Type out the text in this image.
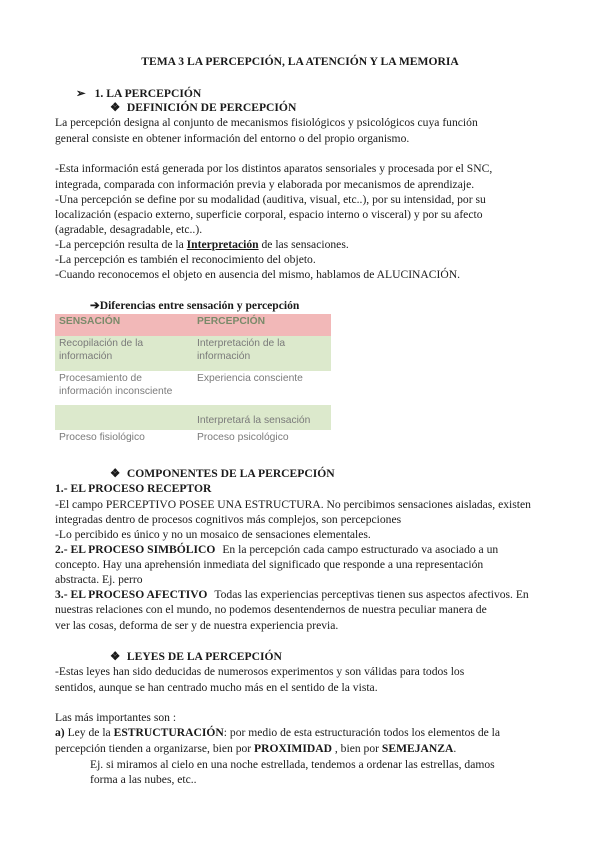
TEMA 3 LA PERCEPCIÓN, LA ATENCIÓN Y LA MEMORIA
➢ 1. LA PERCEPCIÓN
❖ DEFINICIÓN DE PERCEPCIÓN
La percepción designa al conjunto de mecanismos fisiológicos y psicológicos cuya función
general consiste en obtener información del entorno o del propio organismo.
-Esta información está generada por los distintos aparatos sensoriales y procesada por el SNC,
integrada, comparada con información previa y elaborada por mecanismos de aprendizaje.
-Una percepción se define por su modalidad (auditiva, visual, etc..), por su intensidad, por su
localización (espacio externo, superficie corporal, espacio interno o visceral) y por su afecto
(agradable, desagradable, etc..).
-La percepción resulta de la Interpretación de las sensaciones.
-La percepción es también el reconocimiento del objeto.
-Cuando reconocemos el objeto en ausencia del mismo, hablamos de ALUCINACIÓN.
➔Diferencias entre sensación y percepción
SENSACIÓN	PERCEPCIÓN
Recopilación de la información	Interpretación de la información
Procesamiento de información inconsciente	Experiencia consciente
	Interpretará la sensación
Proceso fisiológico	Proceso psicológico
❖ COMPONENTES DE LA PERCEPCIÓN
1.- EL PROCESO RECEPTOR
-El campo PERCEPTIVO POSEE UNA ESTRUCTURA. No percibimos sensaciones aisladas, existen
integradas dentro de procesos cognitivos más complejos, son percepciones
-Lo percibido es único y no un mosaico de sensaciones elementales.
2.- EL PROCESO SIMBÓLICO En la percepción cada campo estructurado va asociado a un
concepto. Hay una aprehensión inmediata del significado que responde a una representación
abstracta. Ej. perro
3.- EL PROCESO AFECTIVO Todas las experiencias perceptivas tienen sus aspectos afectivos. En
nuestras relaciones con el mundo, no podemos desentendernos de nuestra peculiar manera de
ver las cosas, deforma de ser y de nuestra experiencia previa.
❖ LEYES DE LA PERCEPCIÓN
-Estas leyes han sido deducidas de numerosos experimentos y son válidas para todos los
sentidos, aunque se han centrado mucho más en el sentido de la vista.
Las más importantes son :
a) Ley de la ESTRUCTURACIÓN: por medio de esta estructuración todos los elementos de la
percepción tienden a organizarse, bien por PROXIMIDAD , bien por SEMEJANZA.
Ej. si miramos al cielo en una noche estrellada, tendemos a ordenar las estrellas, damos
forma a las nubes, etc..
